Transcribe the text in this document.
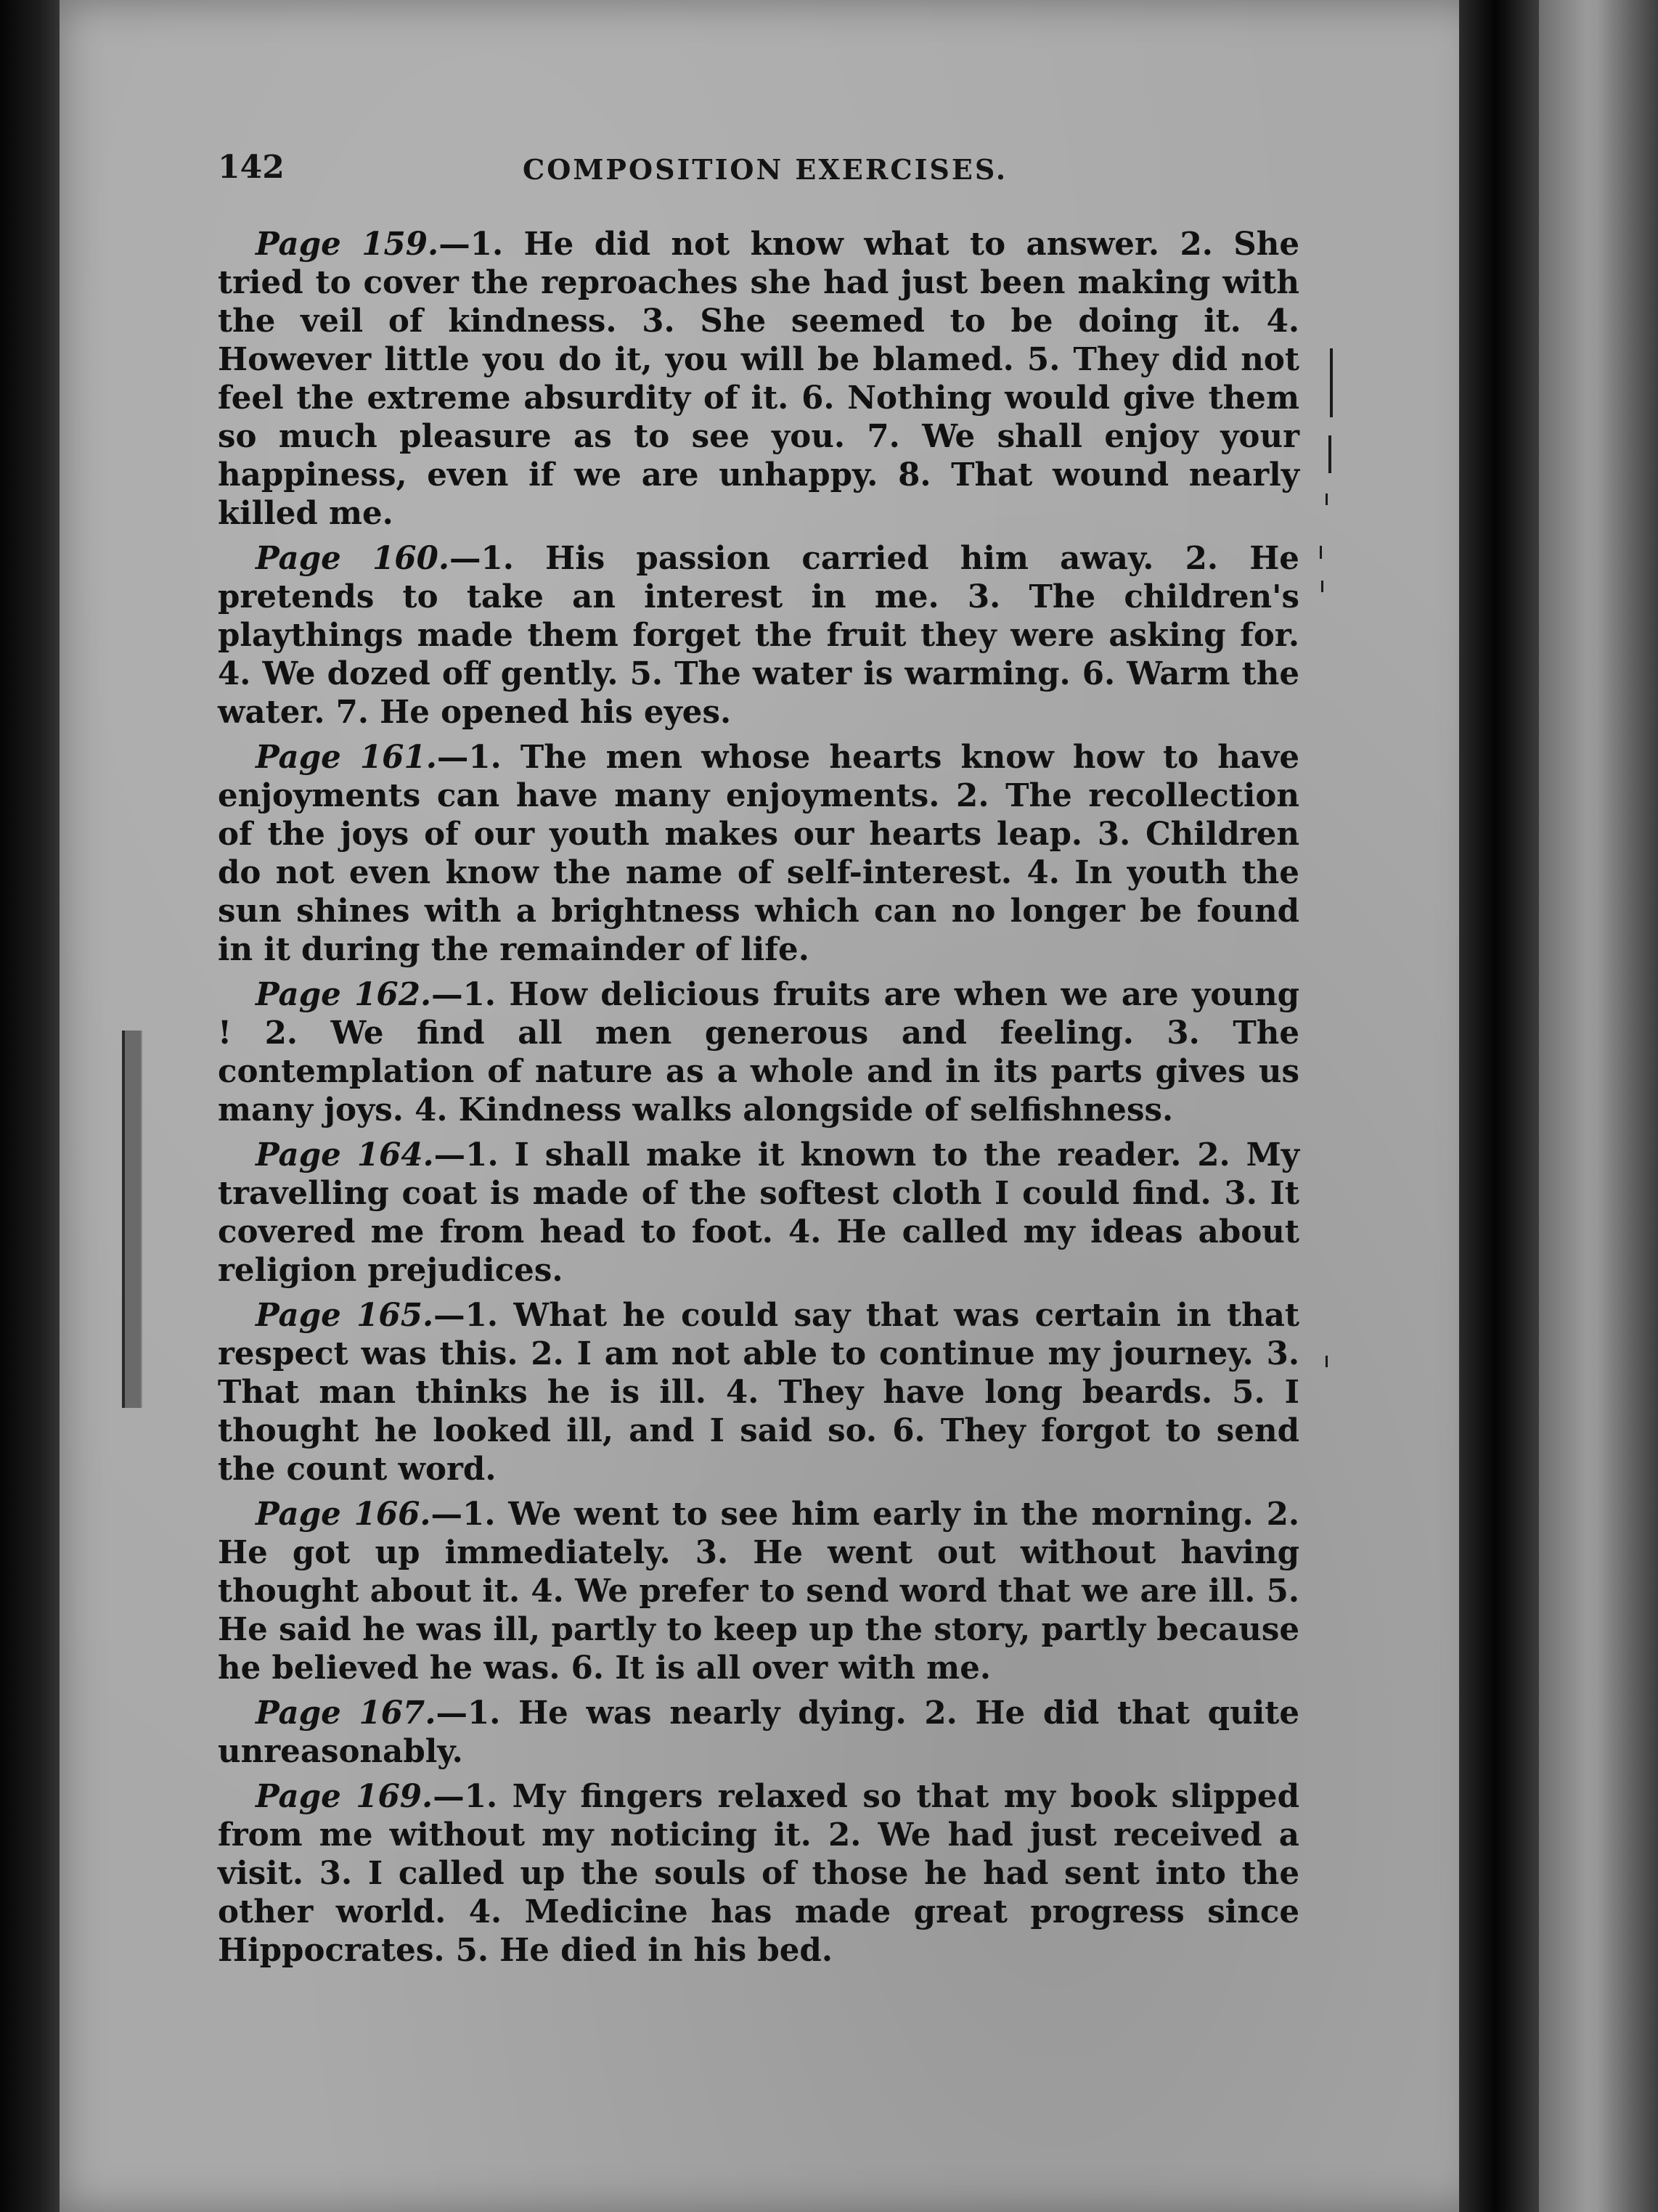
142	COMPOSITION EXERCISES.

Page 159.—1. He did not know what to answer. 2. She tried to cover the reproaches she had just been making with the veil of kindness. 3. She seemed to be doing it. 4. However little you do it, you will be blamed. 5. They did not feel the extreme absurdity of it. 6. Nothing would give them so much pleasure as to see you. 7. We shall enjoy your happiness, even if we are unhappy. 8. That wound nearly killed me.

Page 160.—1. His passion carried him away. 2. He pretends to take an interest in me. 3. The children's playthings made them forget the fruit they were asking for. 4. We dozed off gently. 5. The water is warming. 6. Warm the water. 7. He opened his eyes.

Page 161.—1. The men whose hearts know how to have enjoyments can have many enjoyments. 2. The recollection of the joys of our youth makes our hearts leap. 3. Children do not even know the name of self-interest. 4. In youth the sun shines with a brightness which can no longer be found in it during the remainder of life.

Page 162.—1. How delicious fruits are when we are young ! 2. We find all men generous and feeling. 3. The contemplation of nature as a whole and in its parts gives us many joys. 4. Kindness walks alongside of selfishness.

Page 164.—1. I shall make it known to the reader. 2. My travelling coat is made of the softest cloth I could find. 3. It covered me from head to foot. 4. He called my ideas about religion prejudices.

Page 165.—1. What he could say that was certain in that respect was this. 2. I am not able to continue my journey. 3. That man thinks he is ill. 4. They have long beards. 5. I thought he looked ill, and I said so. 6. They forgot to send the count word.

Page 166.—1. We went to see him early in the morning. 2. He got up immediately. 3. He went out without having thought about it. 4. We prefer to send word that we are ill. 5. He said he was ill, partly to keep up the story, partly because he believed he was. 6. It is all over with me.

Page 167.—1. He was nearly dying. 2. He did that quite unreasonably.

Page 169.—1. My fingers relaxed so that my book slipped from me without my noticing it. 2. We had just received a visit. 3. I called up the souls of those he had sent into the other world. 4. Medicine has made great progress since Hippocrates. 5. He died in his bed.
